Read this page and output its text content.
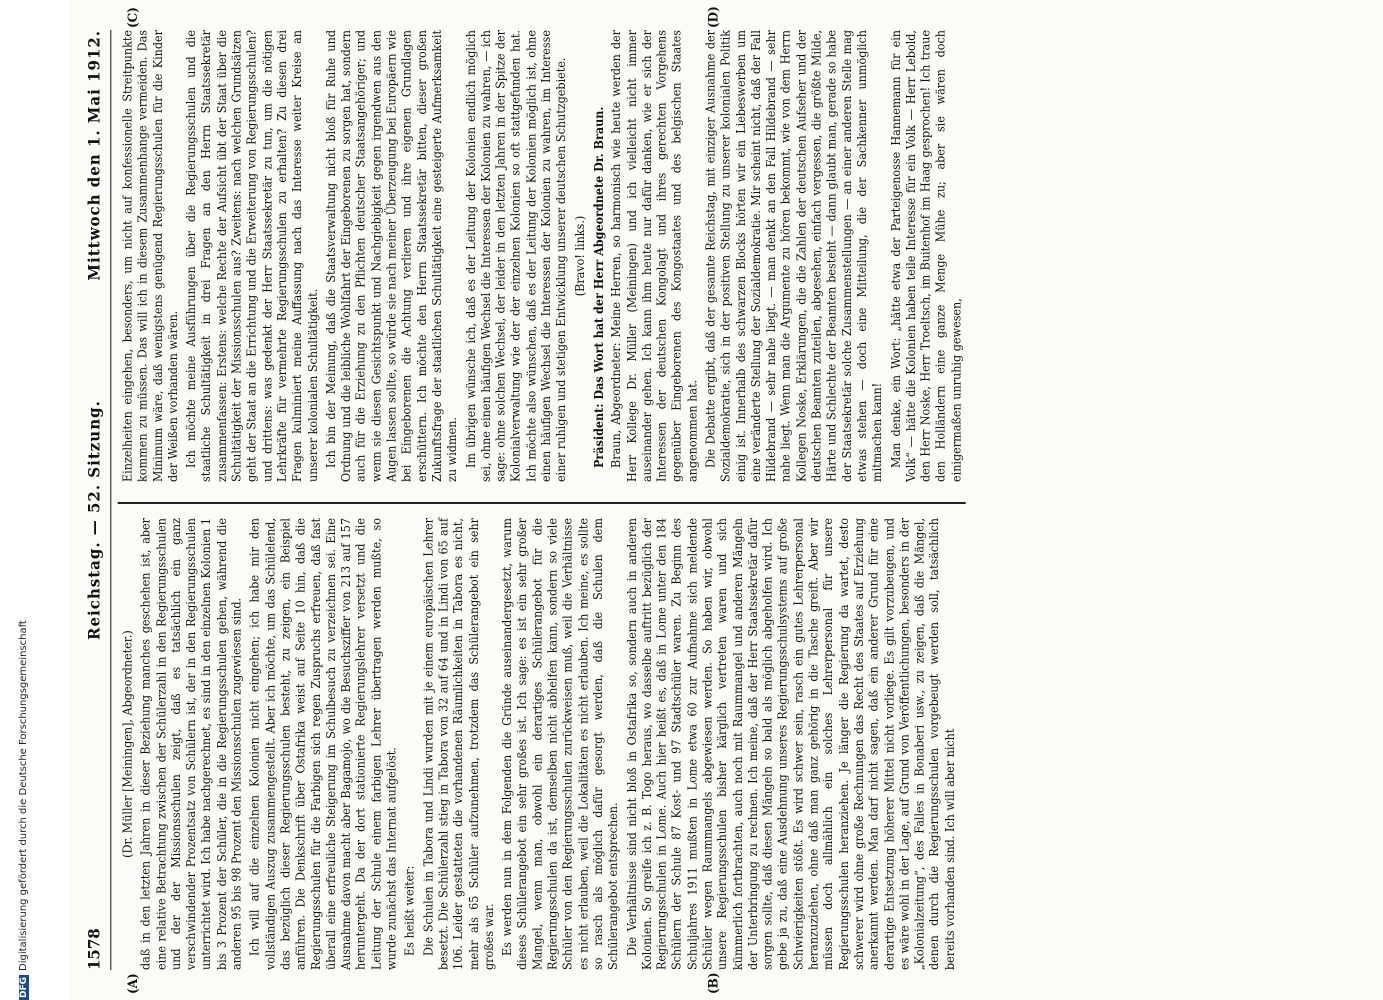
1578
Reichstag. — 52. Sitzung.
Mittwoch den 1. Mai 1912.
(A)	(B)
(C)	(D)

(Dr. Müller [Meiningen], Abgeordneter.) daß in den letzten Jahren in dieser Beziehung manches geschehen ist, aber eine relative Betrachtung zwischen der Schülerzahl in den Regierungsschulen und der der Missionsschulen zeigt, daß es tatsächlich ein ganz verschwindender Prozentsatz von Schülern ist, der in den Regierungsschulen unterrichtet wird. Ich habe nachgerechnet, es sind in den einzelnen Kolonien 1 bis 3 Prozent der Schüler, die in die Regierungsschulen gehen, während die anderen 95 bis 98 Prozent den Missionsschulen zugewiesen sind. Ich will auf die einzelnen Kolonien nicht eingehen; ich habe mir den vollständigen Auszug zusammengestellt. Aber ich möchte, um das Schülelend, das bezüglich dieser Regierungsschulen besteht, zu zeigen, ein Beispiel anführen. Die Denkschrift über Ostafrika weist auf Seite 10 hin, daß die Regierungsschulen für die Farbigen sich regen Zuspruchs erfreuen, daß fast überall eine erfreuliche Steigerung im Schulbesuch zu verzeichnen sei. Eine Ausnahme davon macht aber Bagamojo, wo die Besuchsziffer von 213 auf 157 heruntergeht. Da der dort stationierte Regierungslehrer versetzt und die Leitung der Schule einem farbigen Lehrer übertragen werden mußte, so wurde zunächst das Internat aufgelöst. Es heißt weiter: Die Schulen in Tabora und Lindi wurden mit je einem europäischen Lehrer besetzt. Die Schülerzahl stieg in Tabora von 32 auf 64 und in Lindi von 65 auf 106. Leider gestatteten die vorhandenen Räumlichkeiten in Tabora es nicht, mehr als 65 Schüler aufzunehmen, trotzdem das Schülerangebot ein sehr großes war. Es werden nun in dem Folgenden die Gründe auseinandergesetzt, warum dieses Schülerangebot ein sehr großes ist. Ich sage: es ist ein sehr großer Mangel, wenn man, obwohl ein derartiges Schülerangebot für die Regierungsschulen da ist, demselben nicht abhelfen kann, sondern so viele Schüler von den Regierungsschulen zurückweisen muß, weil die Verhältnisse es nicht erlauben, weil die Lokalitäten es nicht erlauben. Ich meine, es sollte so rasch als möglich dafür gesorgt werden, daß die Schulen dem Schülerangebot entsprechen. Die Verhältnisse sind nicht bloß in Ostafrika so, sondern auch in anderen Kolonien. So greife ich z. B. Togo heraus, wo dasselbe auftritt bezüglich der Regierungsschulen in Lome. Auch hier heißt es, daß in Lome unter den 184 Schülern der Schule 87 Kost- und 97 Stadtschüler waren. Zu Beginn des Schuljahres 1911 mußten in Lome etwa 60 zur Aufnahme sich meldende Schüler wegen Raummangels abgewiesen werden. So haben wir, obwohl unsere Regierungsschulen bisher kärglich vertreten waren und sich kümmerlich fortbrachten, auch noch mit Raummangel und anderen Mängeln der Unterbringung zu rechnen. Ich meine, daß der Herr Staatssekretär dafür sorgen sollte, daß diesen Mängeln so bald als möglich abgeholfen wird. Ich gebe ja zu, daß eine Ausdehnung unseres Regierungsschulsystems auf große Schwierigkeiten stößt. Es wird schwer sein, rasch ein gutes Lehrerpersonal heranzuziehen, ohne daß man ganz gehörig in die Tasche greift. Aber wir müssen doch allmählich ein solches Lehrerpersonal für unsere Regierungsschulen heranziehen. Je länger die Regierung da wartet, desto schwerer wird ohne große Rechnungen das Recht des Staates auf Erziehung anerkannt werden. Man darf nicht sagen, daß ein anderer Grund für eine derartige Entsetzung höherer Mittel nicht vorliege. Es gilt vorzubeugen, und es wäre wohl in der Lage, auf Grund von Veröffentlichungen, besonders in der „Kolonialzeitung“, des Falles in Bonaberi usw., zu zeigen, daß die Mängel, denen durch die Regierungsschulen vorgebeugt werden soll, tatsächlich bereits vorhanden sind. Ich will aber nicht

Einzelheiten eingehen, besonders, um nicht auf konfessionelle Streitpunkte kommen zu müssen. Das will ich in diesem Zusammenhange vermeiden. Das Minimum wäre, daß wenigstens genügend Regierungsschulen für die Kinder der Weißen vorhanden wären. Ich möchte meine Ausführungen über die Regierungsschulen und die staatliche Schultätigkeit in drei Fragen an den Herrn Staatssekretär zusammenfassen: Erstens: welche Rechte der Aufsicht übt der Staat über die Schultätigkeit der Missionsschulen aus? Zweitens: nach welchen Grundsätzen geht der Staat an die Errichtung und die Erweiterung von Regierungsschulen? und drittens: was gedenkt der Herr Staatssekretär zu tun, um die nötigen Lehrkräfte für vermehrte Regierungsschulen zu erhalten? Zu diesen drei Fragen kulminiert meine Auffassung nach das Interesse weiter Kreise an unserer kolonialen Schultätigkeit. Ich bin der Meinung, daß die Staatsverwaltung nicht bloß für Ruhe und Ordnung und die leibliche Wohlfahrt der Eingeborenen zu sorgen hat, sondern auch für die Erziehung zu den Pflichten deutscher Staatsangehöriger; und wenn sie diesen Gesichtspunkt und Nachgiebigkeit gegen irgendwen aus den Augen lassen sollte, so würde sie nach meiner Überzeugung bei Europäern wie bei Eingeborenen die Achtung verlieren und ihre eigenen Grundlagen erschüttern. Ich möchte den Herrn Staatssekretär bitten, dieser großen Zukunftsfrage der staatlichen Schultätigkeit eine gesteigerte Aufmerksamkeit zu widmen. Im übrigen wünsche ich, daß es der Leitung der Kolonien endlich möglich sei, ohne einen häufigen Wechsel die Interessen der Kolonien zu wahren, — ich sage: ohne solchen Wechsel, der leider in den letzten Jahren in der Spitze der Kolonialverwaltung wie der der einzelnen Kolonien so oft stattgefunden hat. Ich möchte also wünschen, daß es der Leitung der Kolonien möglich ist, ohne einen häufigen Wechsel die Interessen der Kolonien zu wahren, im Interesse einer ruhigen und stetigen Entwicklung unserer deutschen Schutzgebiete. (Bravo! links.) Präsident: Das Wort hat der Herr Abgeordnete Dr. Braun. Braun, Abgeordneter: Meine Herren, so harmonisch wie heute werden der Herr Kollege Dr. Müller (Meiningen) und ich vielleicht nicht immer auseinander gehen. Ich kann ihm heute nur dafür danken, wie er sich der Interessen der deutschen Kongolagt und ihres gerechten Vorgehens gegenüber Eingeborenen des Kongostaates und des belgischen Staates angenommen hat. Die Debatte ergibt, daß der gesamte Reichstag, mit einziger Ausnahme der Sozialdemokratie, sich in der positiven Stellung zu unserer kolonialen Politik einig ist. Innerhalb des schwarzen Blocks hörten wir ein Liebeswerben um eine veränderte Stellung der Sozialdemokratie. Mir scheint nicht, daß der Fall Hildebrand — sehr nahe liegt. — man denkt an den Fall Hildebrand — sehr nahe liegt. Wenn man die Argumente zu hören bekommt, wie von dem Herrn Kollegen Noske, Erklärungen, die die Zahlen der deutschen Aufseher und der deutschen Beamten zuteilen, abgesehen, einfach vergessen, die größte Milde, Härte und Schlechte der Beamten besteht — dann glaubt man, gerade so habe der Staatsekretär solche Zusammenstellungen — an einer anderen Stelle mag etwas stehen — doch eine Mitteilung, die der Sachkenner unmöglich mitmachen kann! Man denke, ein Wort: „hätte etwa der Parteigenosse Hannemann für ein Volk“ — hätte die Kolonien haben teile Interesse für ein Volk — Herr Lebold, den Herr Noske, Herr Troeltsch, im Buitenhof im Haag gesprochen! Ich traue den Holländern eine ganze Menge Mühe zu; aber sie wären doch einigermaßen unruhig gewesen,

DFGDigitalisierung gefördert durch die Deutsche Forschungsgemeinschaft
